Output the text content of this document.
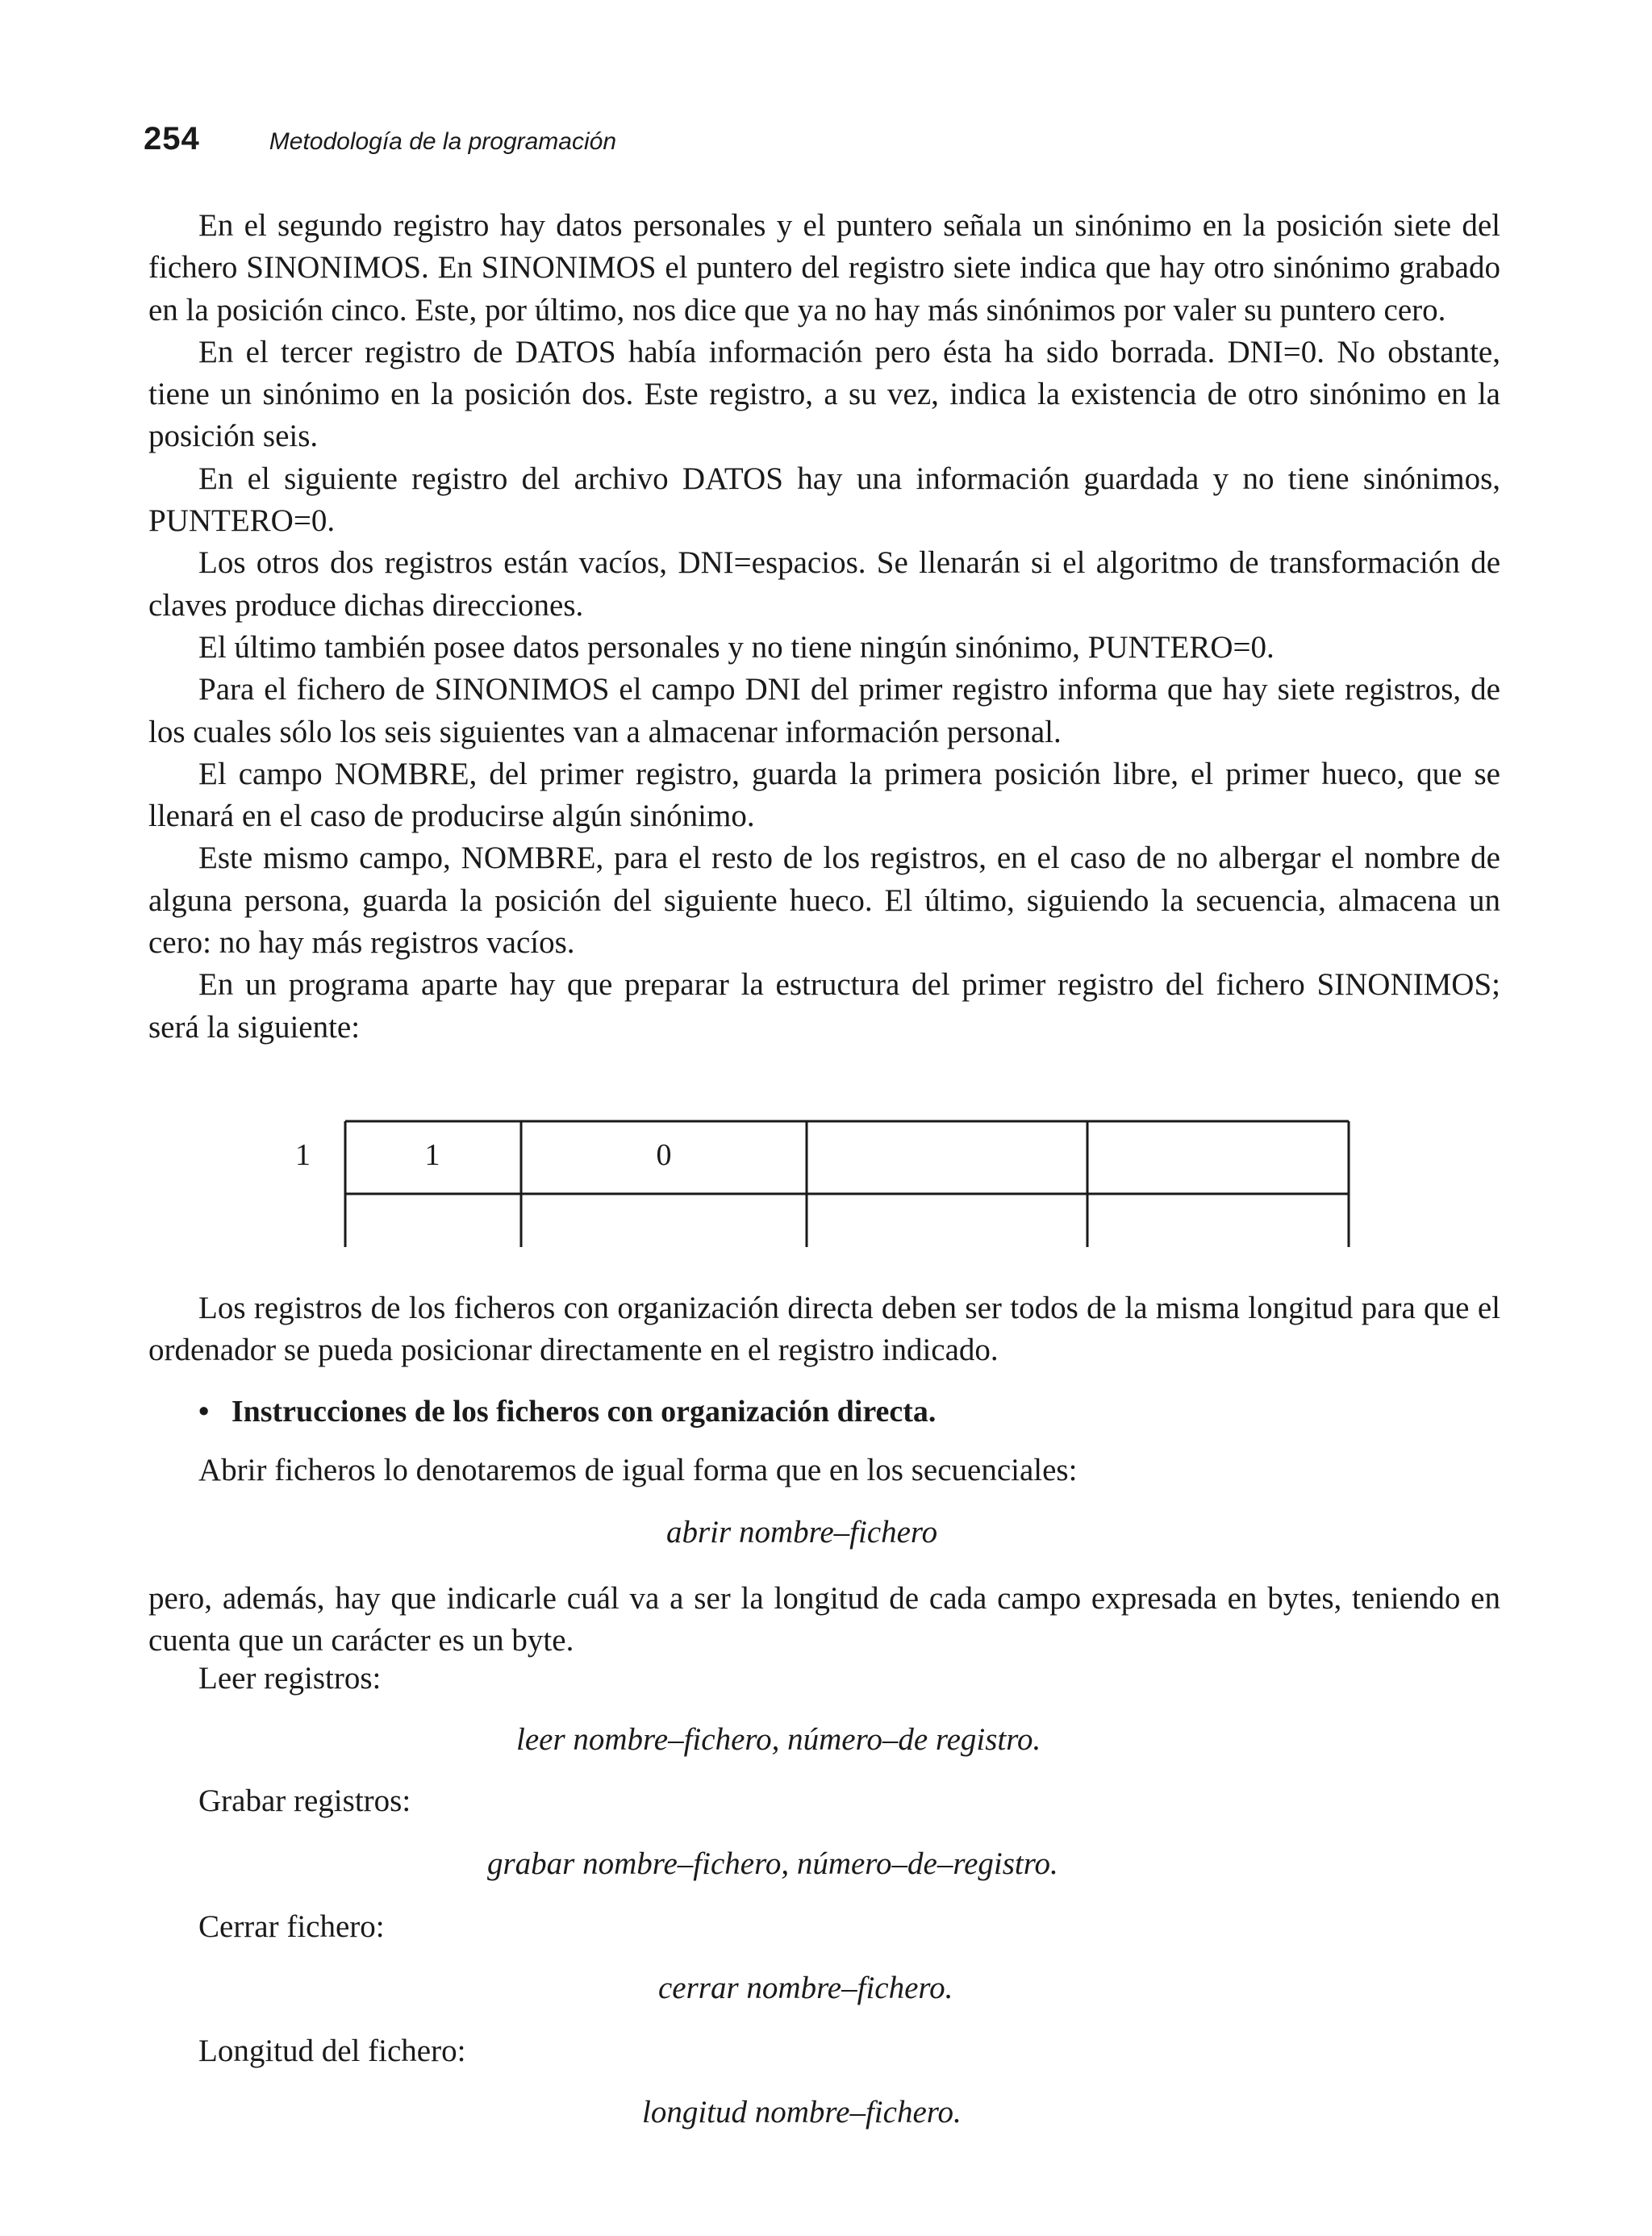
254	Metodología de la programación

En el segundo registro hay datos personales y el puntero señala un sinónimo en la posición siete del fichero SINONIMOS. En SINONIMOS el puntero del registro siete indica que hay otro sinónimo grabado en la posición cinco. Este, por último, nos dice que ya no hay más sinónimos por valer su puntero cero.

En el tercer registro de DATOS había información pero ésta ha sido borrada. DNI=0. No obstante, tiene un sinónimo en la posición dos. Este registro, a su vez, indica la existencia de otro sinónimo en la posición seis.

En el siguiente registro del archivo DATOS hay una información guardada y no tiene sinónimos, PUNTERO=0.

Los otros dos registros están vacíos, DNI=espacios. Se llenarán si el algoritmo de transformación de claves produce dichas direcciones.

El último también posee datos personales y no tiene ningún sinónimo, PUNTERO=0.

Para el fichero de SINONIMOS el campo DNI del primer registro informa que hay siete registros, de los cuales sólo los seis siguientes van a almacenar información personal.

El campo NOMBRE, del primer registro, guarda la primera posición libre, el primer hueco, que se llenará en el caso de producirse algún sinónimo.

Este mismo campo, NOMBRE, para el resto de los registros, en el caso de no albergar el nombre de alguna persona, guarda la posición del siguiente hueco. El último, siguiendo la secuencia, almacena un cero: no hay más registros vacíos.

En un programa aparte hay que preparar la estructura del primer registro del fichero SINONIMOS; será la siguiente:

1	1	0

Los registros de los ficheros con organización directa deben ser todos de la misma longitud para que el ordenador se pueda posicionar directamente en el registro indicado.

• Instrucciones de los ficheros con organización directa.
Abrir ficheros lo denotaremos de igual forma que en los secuenciales:
abrir nombre–fichero
pero, además, hay que indicarle cuál va a ser la longitud de cada campo expresada en bytes, teniendo en cuenta que un carácter es un byte.
Leer registros:
leer nombre–fichero, número–de registro.
Grabar registros:
grabar nombre–fichero, número–de–registro.
Cerrar fichero:
cerrar nombre–fichero.
Longitud del fichero:
longitud nombre–fichero.
